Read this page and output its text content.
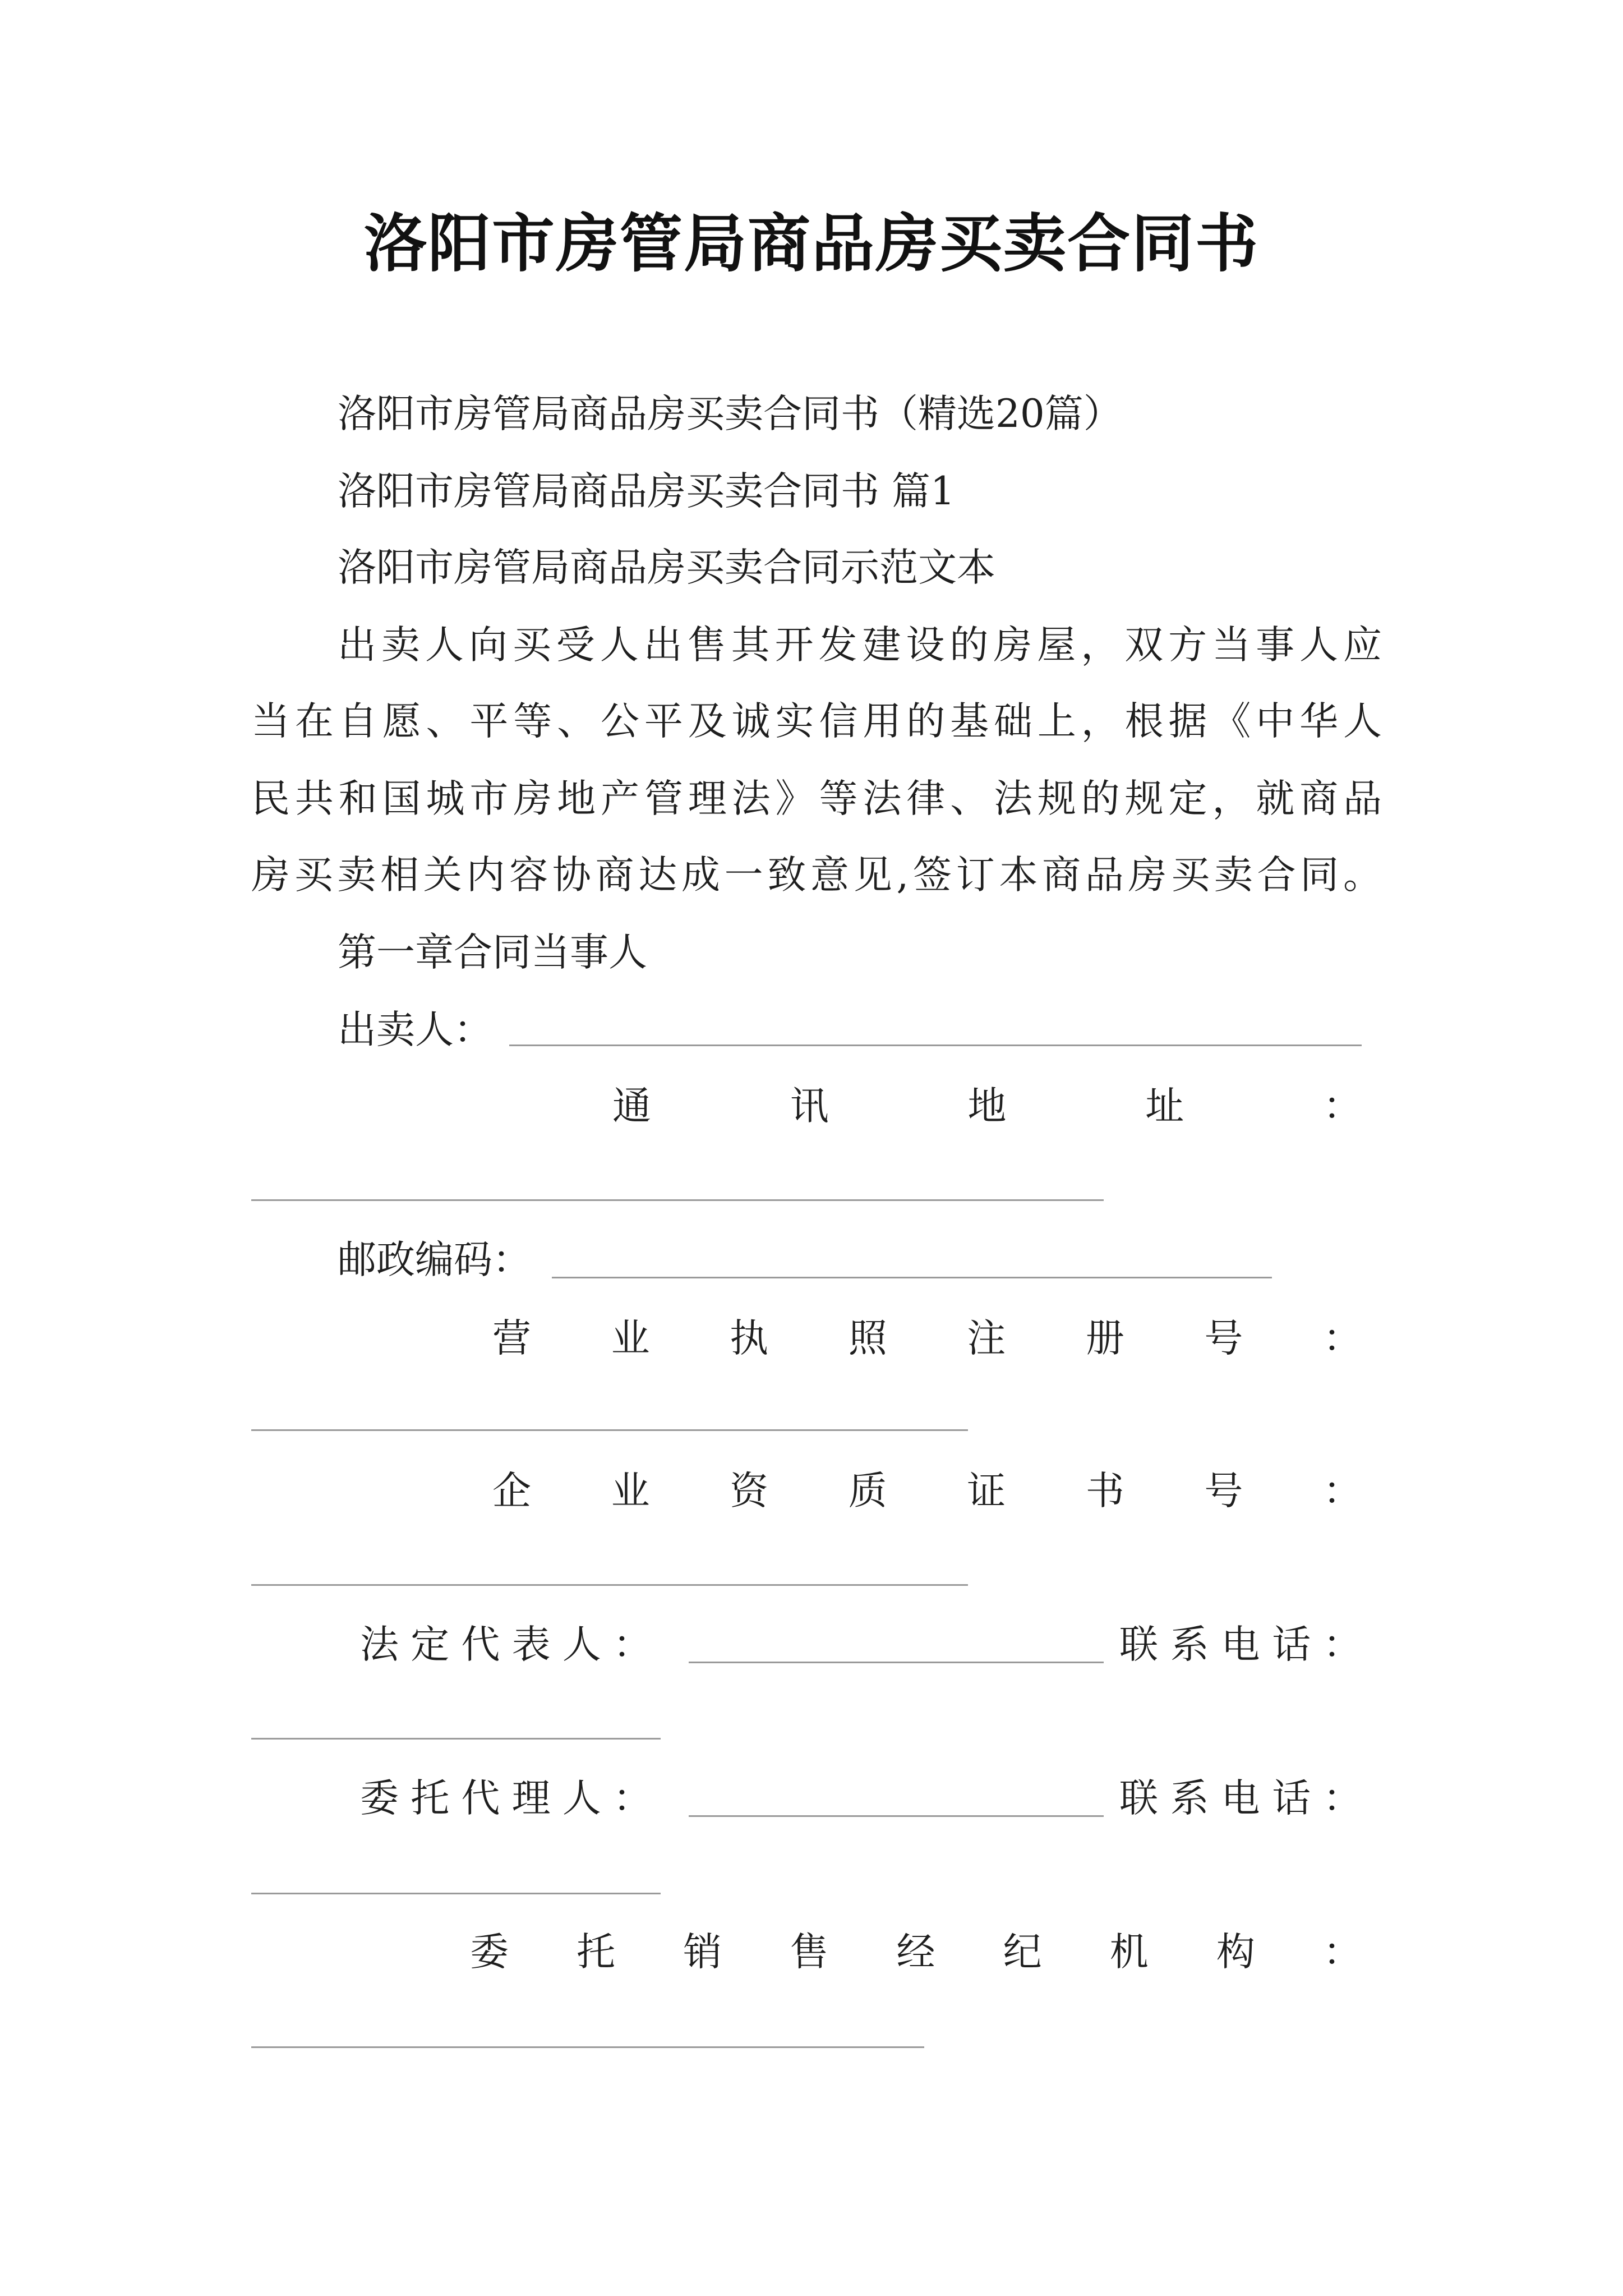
洛阳市房管局商品房买卖合同书
洛阳市房管局商品房买卖合同书（精选20篇）
洛阳市房管局商品房买卖合同书 篇1
洛阳市房管局商品房买卖合同示范文本
出卖人向买受人出售其开发建设的房屋，双方当事人应
当在自愿、平等、公平及诚实信用的基础上，根据《中华人
民共和国城市房地产管理法》等法律、法规的规定，就商品
房买卖相关内容协商达成一致意见,签订本商品房买卖合同。
第一章合同当事人
出卖人：
通讯地址：
邮政编码：
营业执照注册号：
企业资质证书号：
法定代表人：	联系电话：
委托代理人：	联系电话：
委托销售经纪机构：
